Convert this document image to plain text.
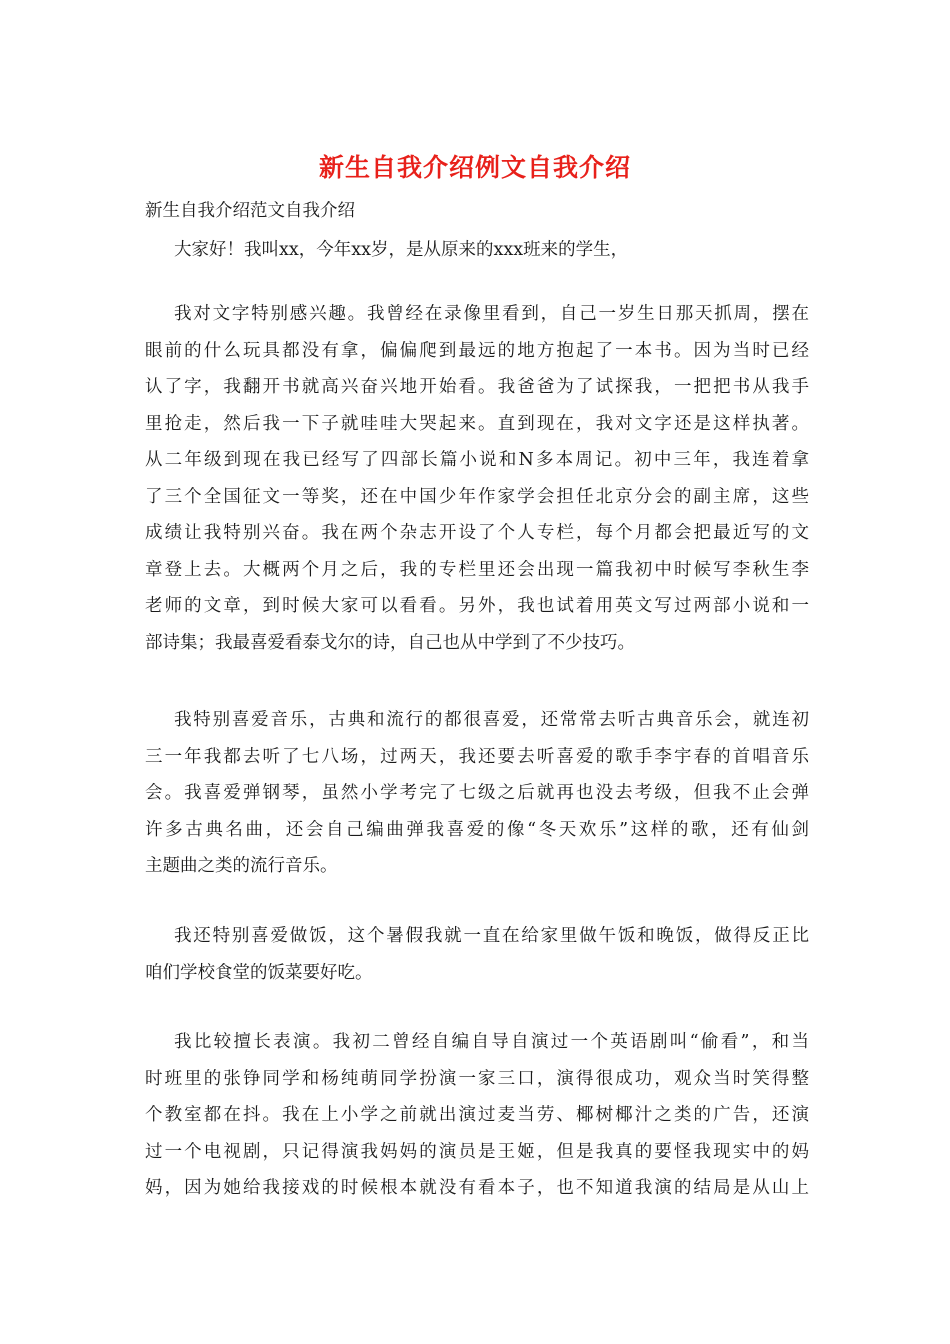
新生自我介绍例文自我介绍
新生自我介绍范文自我介绍
大家好！我叫xx，今年xx岁，是从原来的xxx班来的学生，
我对文字特别感兴趣。我曾经在录像里看到，自己一岁生日那天抓周，摆在
眼前的什么玩具都没有拿，偏偏爬到最远的地方抱起了一本书。因为当时已经
认了字，我翻开书就高兴奋兴地开始看。我爸爸为了试探我，一把把书从我手
里抢走，然后我一下子就哇哇大哭起来。直到现在，我对文字还是这样执著。
从二年级到现在我已经写了四部长篇小说和N多本周记。初中三年，我连着拿
了三个全国征文一等奖，还在中国少年作家学会担任北京分会的副主席，这些
成绩让我特别兴奋。我在两个杂志开设了个人专栏，每个月都会把最近写的文
章登上去。大概两个月之后，我的专栏里还会出现一篇我初中时候写李秋生李
老师的文章，到时候大家可以看看。另外，我也试着用英文写过两部小说和一
部诗集；我最喜爱看泰戈尔的诗，自己也从中学到了不少技巧。
我特别喜爱音乐，古典和流行的都很喜爱，还常常去听古典音乐会，就连初
三一年我都去听了七八场，过两天，我还要去听喜爱的歌手李宇春的首唱音乐
会。我喜爱弹钢琴，虽然小学考完了七级之后就再也没去考级，但我不止会弹
许多古典名曲，还会自己编曲弹我喜爱的像“冬天欢乐”这样的歌，还有仙剑
主题曲之类的流行音乐。
我还特别喜爱做饭，这个暑假我就一直在给家里做午饭和晚饭，做得反正比
咱们学校食堂的饭菜要好吃。
我比较擅长表演。我初二曾经自编自导自演过一个英语剧叫“偷看”，和当
时班里的张铮同学和杨纯萌同学扮演一家三口，演得很成功，观众当时笑得整
个教室都在抖。我在上小学之前就出演过麦当劳、椰树椰汁之类的广告，还演
过一个电视剧，只记得演我妈妈的演员是王姬，但是我真的要怪我现实中的妈
妈，因为她给我接戏的时候根本就没有看本子，也不知道我演的结局是从山上
